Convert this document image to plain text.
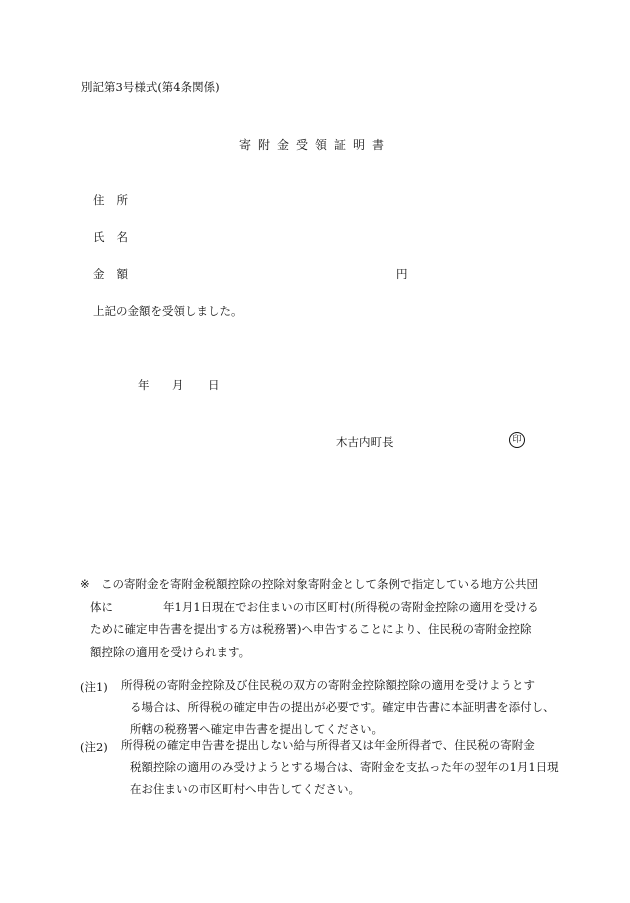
別記第3号様式(第4条関係)
寄附金受領証明書
住所
氏名
金額	円
上記の金額を受領しました。
年 月 日
木古内町長	印
※ この寄附金を寄附金税額控除の控除対象寄附金として条例で指定している地方公共団
体に	年1月1日現在でお住まいの市区町村(所得税の寄附金控除の適用を受ける
ために確定申告書を提出する方は税務署)へ申告することにより、住民税の寄附金控除
額控除の適用を受けられます。
(注1) 所得税の寄附金控除及び住民税の双方の寄附金控除額控除の適用を受けようとす
る場合は、所得税の確定申告の提出が必要です。確定申告書に本証明書を添付し、
所轄の税務署へ確定申告書を提出してください。
(注2) 所得税の確定申告書を提出しない給与所得者又は年金所得者で、住民税の寄附金
税額控除の適用のみ受けようとする場合は、寄附金を支払った年の翌年の1月1日現
在お住まいの市区町村へ申告してください。
